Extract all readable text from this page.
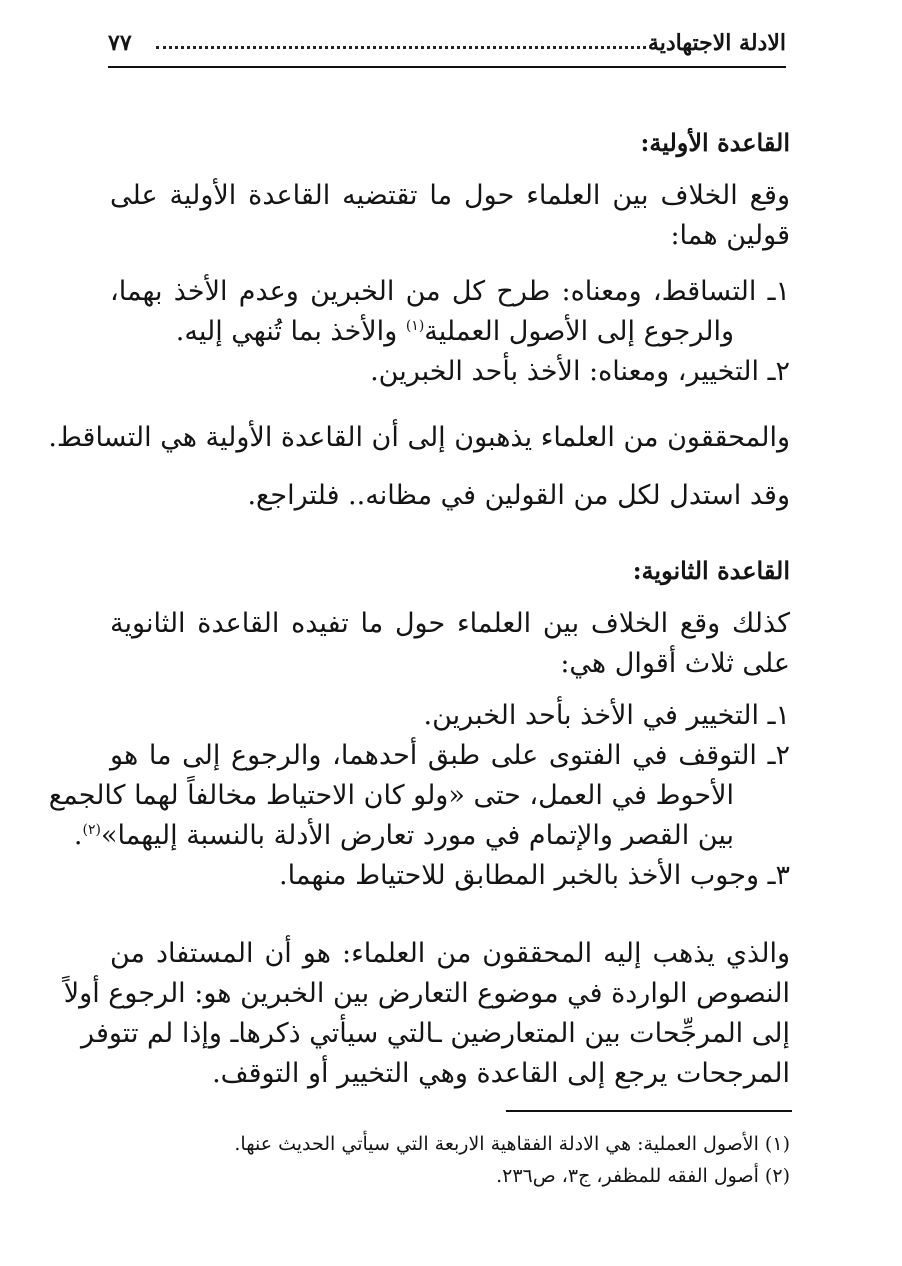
الادلة الاجتهادية
٧٧
القاعدة الأولية:
وقع الخلاف بين العلماء حول ما تقتضيه القاعدة الأولية على
قولين هما:
١ـ التساقط، ومعناه: طرح كل من الخبرين وعدم الأخذ بهما،
والرجوع إلى الأصول العملية$^{(١)}$ والأخذ بما تُنهي إليه.
٢ـ التخيير، ومعناه: الأخذ بأحد الخبرين.
والمحققون من العلماء يذهبون إلى أن القاعدة الأولية هي التساقط.
وقد استدل لكل من القولين في مظانه.. فلتراجع.
القاعدة الثانوية:
كذلك وقع الخلاف بين العلماء حول ما تفيده القاعدة الثانوية
على ثلاث أقوال هي:
١ـ التخيير في الأخذ بأحد الخبرين.
٢ـ التوقف في الفتوى على طبق أحدهما، والرجوع إلى ما هو
الأحوط في العمل، حتى «ولو كان الاحتياط مخالفاً لهما كالجمع
بين القصر والإتمام في مورد تعارض الأدلة بالنسبة إليهما»$^{(٢)}$.
٣ـ وجوب الأخذ بالخبر المطابق للاحتياط منهما.
والذي يذهب إليه المحققون من العلماء: هو أن المستفاد من
النصوص الواردة في موضوع التعارض بين الخبرين هو: الرجوع أولاً
إلى المرجِّحات بين المتعارضين ـالتي سيأتي ذكرهاـ وإذا لم تتوفر
المرجحات يرجع إلى القاعدة وهي التخيير أو التوقف.
(١) الأصول العملية: هي الادلة الفقاهية الاربعة التي سيأتي الحديث عنها.
(٢) أصول الفقه للمظفر، ج٣، ص٢٣٦.
